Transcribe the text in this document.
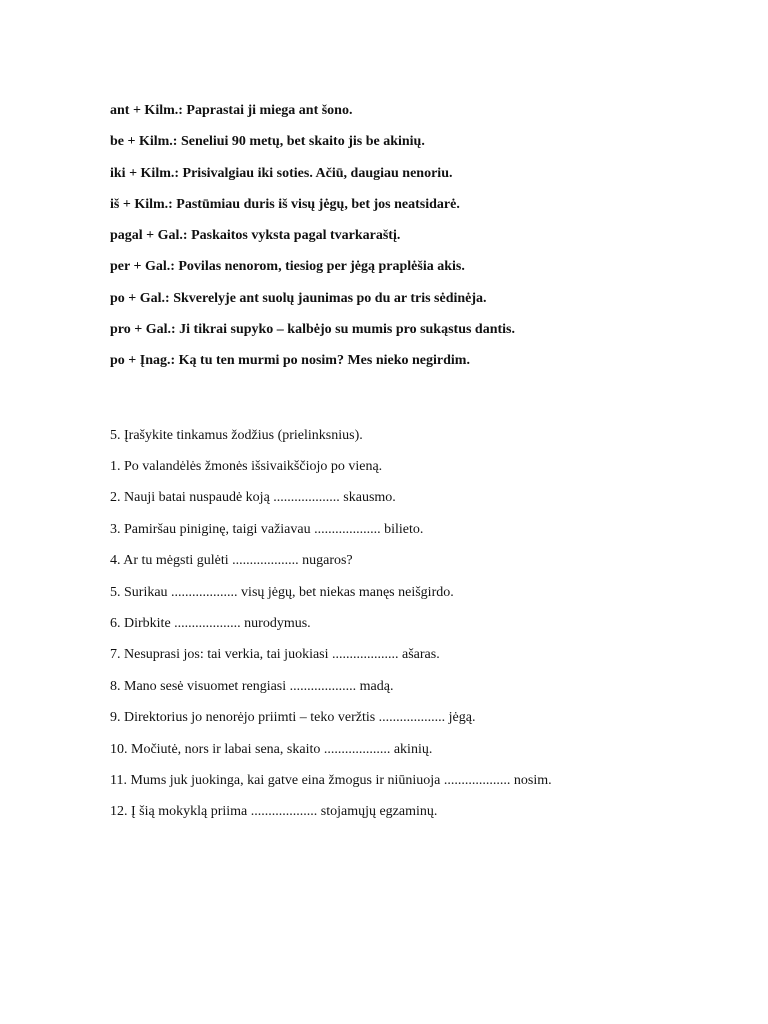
ant + Kilm.: Paprastai ji miega ant šono.
be + Kilm.: Seneliui 90 metų, bet skaito jis be akinių.
iki + Kilm.: Prisivalgiau iki soties. Ačiū, daugiau nenoriu.
iš + Kilm.: Pastūmiau duris iš visų jėgų, bet jos neatsidarė.
pagal + Gal.: Paskaitos vyksta pagal tvarkaraštį.
per + Gal.: Povilas nenorom, tiesiog per jėgą praplėšia akis.
po + Gal.: Skverelyje ant suolų jaunimas po du ar tris sėdinėja.
pro + Gal.: Ji tikrai supyko – kalbėjo su mumis pro sukąstus dantis.
po + Įnag.: Ką tu ten murmi po nosim? Mes nieko negirdim.
5. Įrašykite tinkamus žodžius (prielinksnius).
1. Po valandėlės žmonės išsivaikščiojo po vieną.
2. Nauji batai nuspaudė koją ................... skausmo.
3. Pamiršau piniginę, taigi važiavau ................... bilieto.
4. Ar tu mėgsti gulėti ................... nugaros?
5. Surikau ................... visų jėgų, bet niekas manęs neišgirdo.
6. Dirbkite ................... nurodymus.
7. Nesuprasi jos: tai verkia, tai juokiasi ................... ašaras.
8. Mano sesė visuomet rengiasi ................... madą.
9. Direktorius jo nenorėjo priimti – teko veržtis ................... jėgą.
10. Močiutė, nors ir labai sena, skaito ................... akinių.
11. Mums juk juokinga, kai gatve eina žmogus ir niūniuoja ................... nosim.
12. Į šią mokyklą priima ................... stojamųjų egzaminų.
